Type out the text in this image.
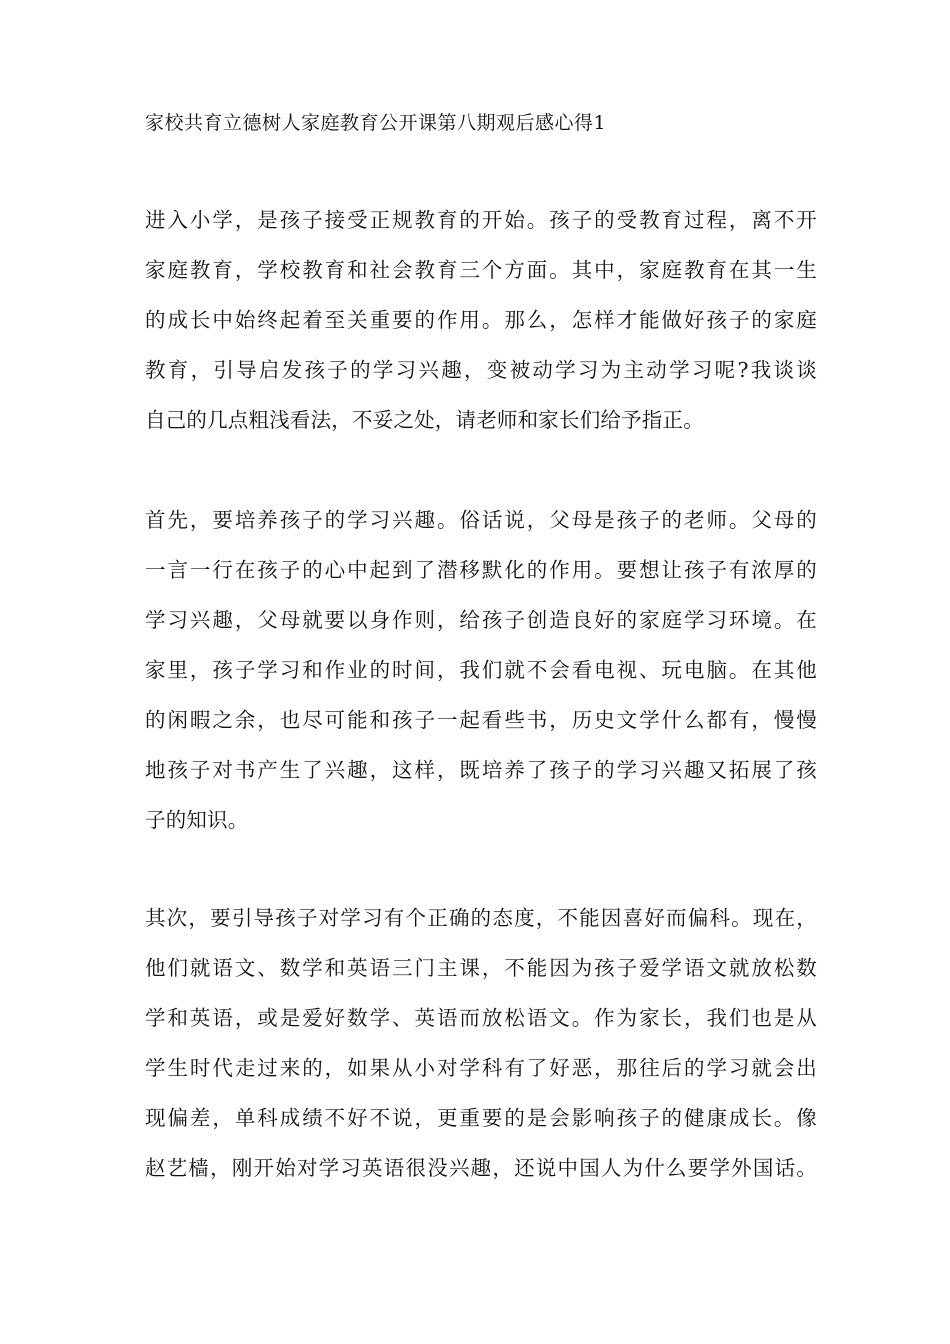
家校共育立德树人家庭教育公开课第八期观后感心得1
进入小学，是孩子接受正规教育的开始。孩子的受教育过程，离不开
家庭教育，学校教育和社会教育三个方面。其中，家庭教育在其一生
的成长中始终起着至关重要的作用。那么，怎样才能做好孩子的家庭
教育，引导启发孩子的学习兴趣，变被动学习为主动学习呢?我谈谈
自己的几点粗浅看法，不妥之处，请老师和家长们给予指正。
首先，要培养孩子的学习兴趣。俗话说，父母是孩子的老师。父母的
一言一行在孩子的心中起到了潜移默化的作用。要想让孩子有浓厚的
学习兴趣，父母就要以身作则，给孩子创造良好的家庭学习环境。在
家里，孩子学习和作业的时间，我们就不会看电视、玩电脑。在其他
的闲暇之余，也尽可能和孩子一起看些书，历史文学什么都有，慢慢
地孩子对书产生了兴趣，这样，既培养了孩子的学习兴趣又拓展了孩
子的知识。
其次，要引导孩子对学习有个正确的态度，不能因喜好而偏科。现在，
他们就语文、数学和英语三门主课，不能因为孩子爱学语文就放松数
学和英语，或是爱好数学、英语而放松语文。作为家长，我们也是从
学生时代走过来的，如果从小对学科有了好恶，那往后的学习就会出
现偏差，单科成绩不好不说，更重要的是会影响孩子的健康成长。像
赵艺樯，刚开始对学习英语很没兴趣，还说中国人为什么要学外国话。
